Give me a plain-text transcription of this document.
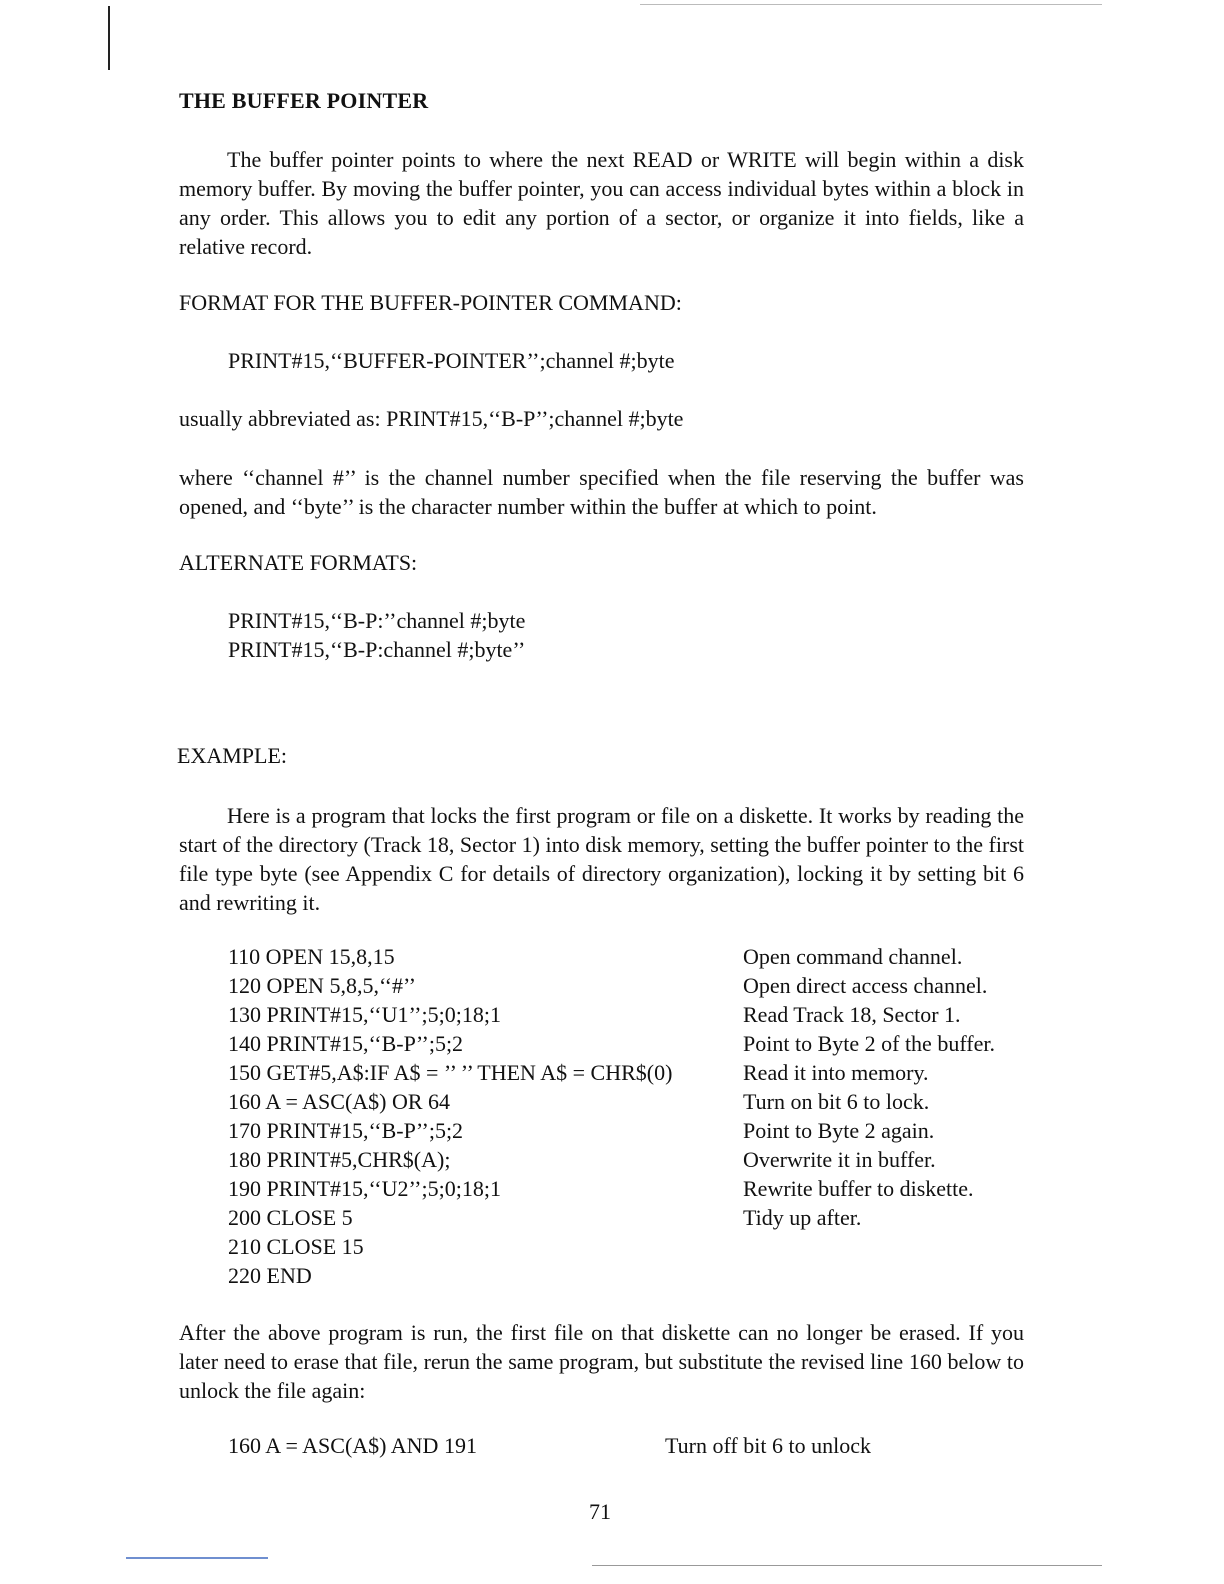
THE BUFFER POINTER

The buffer pointer points to where the next READ or WRITE will begin within a disk memory buffer. By moving the buffer pointer, you can access individual bytes within a block in any order. This allows you to edit any portion of a sector, or organize it into fields, like a relative record.

FORMAT FOR THE BUFFER-POINTER COMMAND:
PRINT#15,‘‘BUFFER-POINTER’’;channel #;byte
usually abbreviated as: PRINT#15,‘‘B-P’’;channel #;byte

where ‘‘channel #’’ is the channel number specified when the file reserving the buffer was opened, and ‘‘byte’’ is the character number within the buffer at which to point.

ALTERNATE FORMATS:
PRINT#15,‘‘B-P:’’channel #;byte
PRINT#15,‘‘B-P:channel #;byte’’
EXAMPLE:

Here is a program that locks the first program or file on a diskette. It works by reading the start of the directory (Track 18, Sector 1) into disk memory, setting the buffer pointer to the first file type byte (see Appendix C for details of directory organization), locking it by setting bit 6 and rewriting it.

110 OPEN 15,8,15	Open command channel.
120 OPEN 5,8,5,‘‘#’’	Open direct access channel.
130 PRINT#15,‘‘U1’’;5;0;18;1	Read Track 18, Sector 1.
140 PRINT#15,‘‘B-P’’;5;2	Point to Byte 2 of the buffer.
150 GET#5,A$:IF A$ = ’’ ’’ THEN A$ = CHR$(0)	Read it into memory.
160 A = ASC(A$) OR 64	Turn on bit 6 to lock.
170 PRINT#15,‘‘B-P’’;5;2	Point to Byte 2 again.
180 PRINT#5,CHR$(A);	Overwrite it in buffer.
190 PRINT#15,‘‘U2’’;5;0;18;1	Rewrite buffer to diskette.
200 CLOSE 5	Tidy up after.
210 CLOSE 15
220 END

After the above program is run, the first file on that diskette can no longer be erased. If you later need to erase that file, rerun the same program, but substitute the revised line 160 below to unlock the file again:

160 A = ASC(A$) AND 191	Turn off bit 6 to unlock
71
